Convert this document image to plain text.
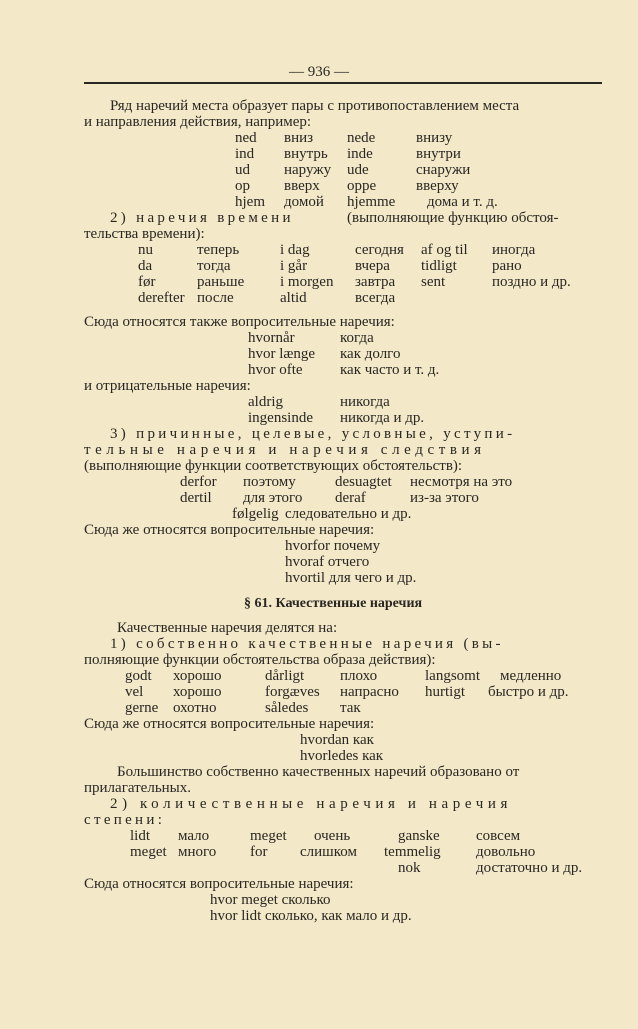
— 936 —
Ряд наречий места образует пары с противопоставлением места
и направления действия, например:
ned вниз nede	внизу
ind внутрь inde	внутри
ud наружу ude	снаружи
op вверх oppe	вверху
hjem домой hjemme дома и т. д.
2) наречия времени	(выполняющие функцию обстоя-
тельства времени):
nu	теперь	i dag	сегодня af og til иногда
da	тогда	i går	вчера tidligt рано
før	раньше i morgen завтра sent	поздно и др.
derefter после	altid	всегда
Сюда относятся также вопросительные наречия:
hvornår	когда
hvor længe как долго
hvor ofte как часто и т. д.
и отрицательные наречия:
aldrig	никогда
ingensinde никогда и др.
3) причинные, целевые, условные, уступи-
тельные наречия и наречия следствия
(выполняющие функции соответствующих обстоятельств):
derfor поэтому	desuagtet несмотря на это
dertil для этого deraf	из-за этого
følgelig следовательно и др.
Сюда же относятся вопросительные наречия:
hvorfor почему
hvoraf отчего
hvortil для чего и др.
§ 61. Качественные наречия
Качественные наречия делятся на:
1) собственно качественные наречия (вы-
полняющие функции обстоятельства образа действия):
godt хорошо	dårligt плохо	langsomt медленно
vel хорошо	forgæves напрасно hurtigt быстро и др.
gerne охотно	således так
Сюда же относятся вопросительные наречия:
hvordan как
hvorledes как
Большинство собственно качественных наречий образовано от
прилагательных.
2) количественные наречия и наречия
степени:
lidt мало	meget очень	ganske совсем
meget много for слишком temmelig довольно
nok	достаточно и др.
Сюда относятся вопросительные наречия:
hvor meget сколько
hvor lidt сколько, как мало и др.
